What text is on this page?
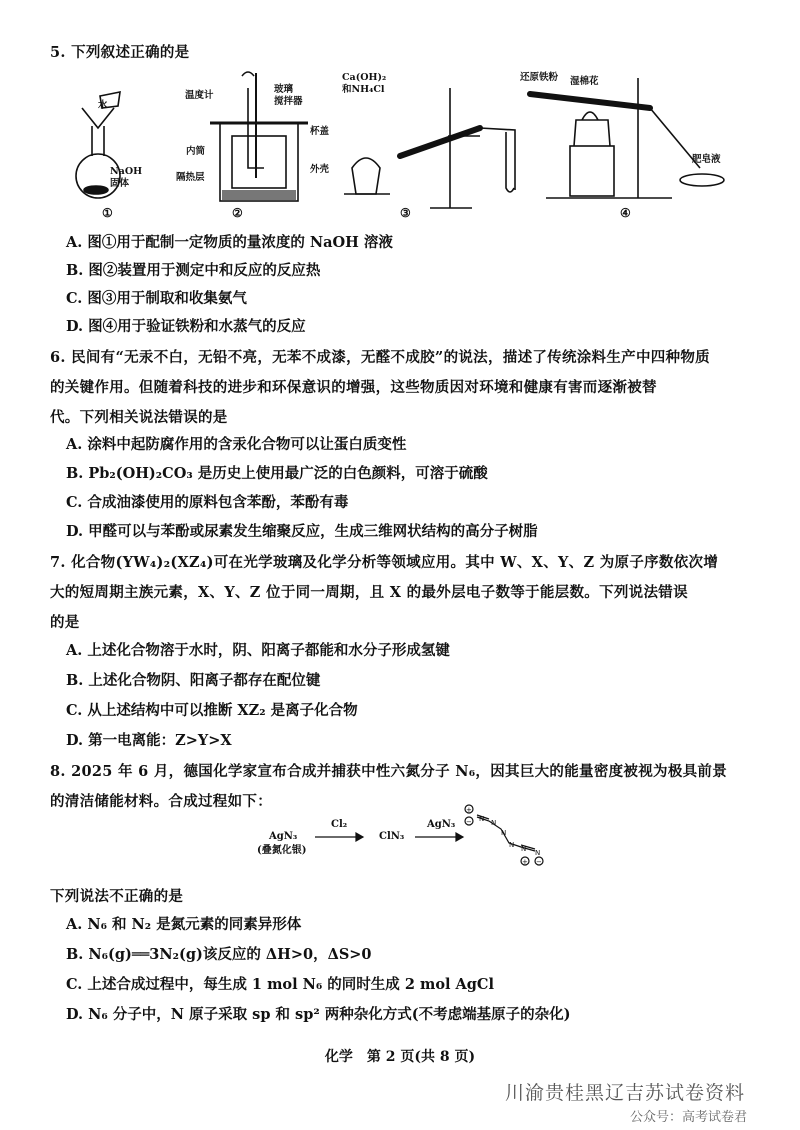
5. 下列叙述正确的是
水
NaOH
固体
温度计
玻璃
搅拌器
杯盖
内筒
外壳
隔热层
Ca(OH)₂
和NH₄Cl
还原铁粉 湿棉花
肥皂液
①	②	③	④
A. 图①用于配制一定物质的量浓度的 NaOH 溶液
B. 图②装置用于测定中和反应的反应热
C. 图③用于制取和收集氨气
D. 图④用于验证铁粉和水蒸气的反应
6. 民间有“无汞不白，无铅不亮，无苯不成漆，无醛不成胶”的说法，描述了传统涂料生产中四种物质
的关键作用。但随着科技的进步和环保意识的增强，这些物质因对环境和健康有害而逐渐被替
代。下列相关说法错误的是
A. 涂料中起防腐作用的含汞化合物可以让蛋白质变性
B. Pb₂(OH)₂CO₃ 是历史上使用最广泛的白色颜料，可溶于硫酸
C. 合成油漆使用的原料包含苯酚，苯酚有毒
D. 甲醛可以与苯酚或尿素发生缩聚反应，生成三维网状结构的高分子树脂
7. 化合物(YW₄)₂(XZ₄)可在光学玻璃及化学分析等领域应用。其中 W、X、Y、Z 为原子序数依次增
大的短周期主族元素，X、Y、Z 位于同一周期，且 X 的最外层电子数等于能层数。下列说法错误
的是
A. 上述化合物溶于水时，阴、阳离子都能和水分子形成氢键
B. 上述化合物阴、阳离子都存在配位键
C. 从上述结构中可以推断 XZ₂ 是离子化合物
D. 第一电离能：Z>Y>X
8. 2025 年 6 月，德国化学家宣布合成并捕获中性六氮分子 N₆，因其巨大的能量密度被视为极具前景
的清洁储能材料。合成过程如下：	+
−
+ −
N N
N
N N N
AgN₃
(叠氮化银)
Cl₂
ClN₃
AgN₃
下列说法不正确的是
A. N₆ 和 N₂ 是氮元素的同素异形体
B. N₆(g)══3N₂(g)该反应的 ΔH>0，ΔS>0
C. 上述合成过程中，每生成 1 mol N₆ 的同时生成 2 mol AgCl
D. N₆ 分子中，N 原子采取 sp 和 sp² 两种杂化方式(不考虑端基原子的杂化)
化学　第 2 页(共 8 页)
川渝贵桂黑辽吉苏试卷资料
公众号：高考试卷君
